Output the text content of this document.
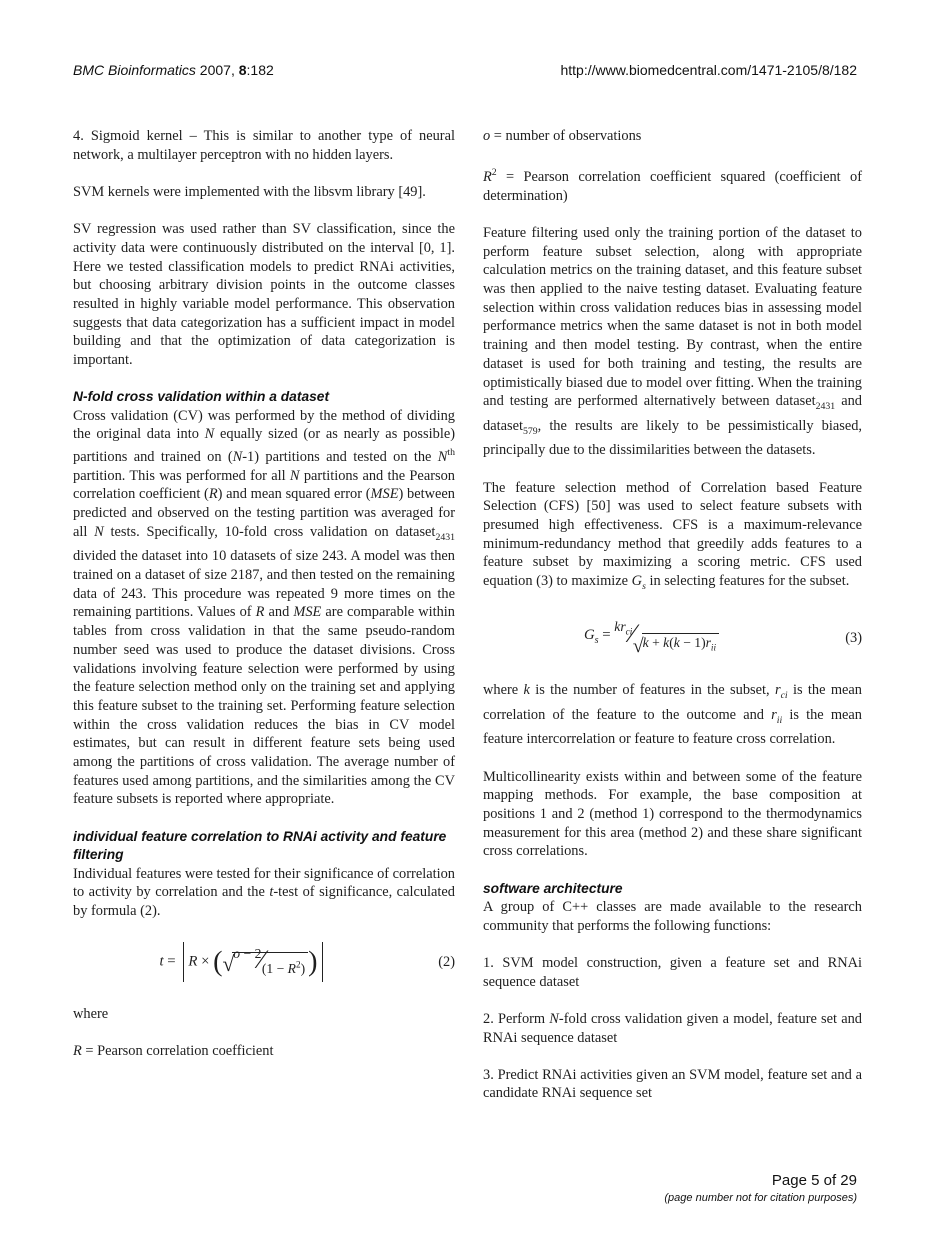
BMC Bioinformatics 2007, 8:182	http://www.biomedcentral.com/1471-2105/8/182

4. Sigmoid kernel – This is similar to another type of neural network, a multilayer perceptron with no hidden layers.

SVM kernels were implemented with the libsvm library [49].

SV regression was used rather than SV classification, since the activity data were continuously distributed on the interval [0, 1]. Here we tested classification models to predict RNAi activities, but choosing arbitrary division points in the outcome classes resulted in highly variable model performance. This observation suggests that data categorization has a sufficient impact in model building and that the optimization of data categorization is important.

N-fold cross validation within a dataset

Cross validation (CV) was performed by the method of dividing the original data into N equally sized (or as nearly as possible) partitions and trained on (N-1) partitions and tested on the $N^{th}$ partition. This was performed for all N partitions and the Pearson correlation coefficient (R) and mean squared error (MSE) between predicted and observed on the testing partition was averaged for all N tests. Specifically, 10-fold cross validation on dataset$_{2431}$ divided the dataset into 10 datasets of size 243. A model was then trained on a dataset of size 2187, and then tested on the remaining data of 243. This procedure was repeated 9 more times on the remaining partitions. Values of R and MSE are comparable within tables from cross validation in that the same pseudo-random number seed was used to produce the dataset divisions. Cross validations involving feature selection were performed by using the feature selection method only on the training set and applying this feature subset to the training set. Performing feature selection within the cross validation reduces the bias in CV model estimates, but can result in different feature sets being used among the partitions of cross validation. The average number of features used among partitions, and the similarities among the CV feature subsets is reported where appropriate.

individual feature correlation to RNAi activity and feature filtering

Individual features were tested for their significance of correlation to activity by correlation and the t-test of significance, calculated by formula (2).

t = R × (√o − 2⁄(1 − $R^2$) )	(2)

where

R = Pearson correlation coefficient

o = number of observations

$R^2$ = Pearson correlation coefficient squared (coefficient of determination)

Feature filtering used only the training portion of the dataset to perform feature subset selection, along with appropriate calculation metrics on the training dataset, and this feature subset was then applied to the naive testing dataset. Evaluating feature selection within cross validation reduces bias in assessing model performance metrics when the same dataset is not in both model training and then model testing. By contrast, when the entire dataset is used for both training and testing, the results are optimistically biased due to model over fitting. When the training and testing are performed alternatively between dataset$_{2431}$ and dataset$_{579}$, the results are likely to be pessimistically biased, principally due to the dissimilarities between the datasets.

The feature selection method of Correlation based Feature Selection (CFS) [50] was used to select feature subsets with presumed high effectiveness. CFS is a maximum-relevance minimum-redundancy method that greedily adds features to a feature subset by maximizing a scoring metric. CFS used equation (3) to maximize $G_s$ in selecting features for the subset.

$G_s$ = $kr_{ci}⁄√k + k(k - 1)r_{ii}$
(3)

where k is the number of features in the subset, $r_{ci}$ is the mean correlation of the feature to the outcome and $r_{ii}$ is the mean feature intercorrelation or feature to feature cross correlation.

Multicollinearity exists within and between some of the feature mapping methods. For example, the base composition at positions 1 and 2 (method 1) correspond to the thermodynamics measurement for this area (method 2) and these share significant cross correlations.

software architecture

A group of C++ classes are made available to the research community that performs the following functions:

1. SVM model construction, given a feature set and RNAi sequence dataset

2. Perform N-fold cross validation given a model, feature set and RNAi sequence dataset

3. Predict RNAi activities given an SVM model, feature set and a candidate RNAi sequence set

Page 5 of 29
(page number not for citation purposes)
